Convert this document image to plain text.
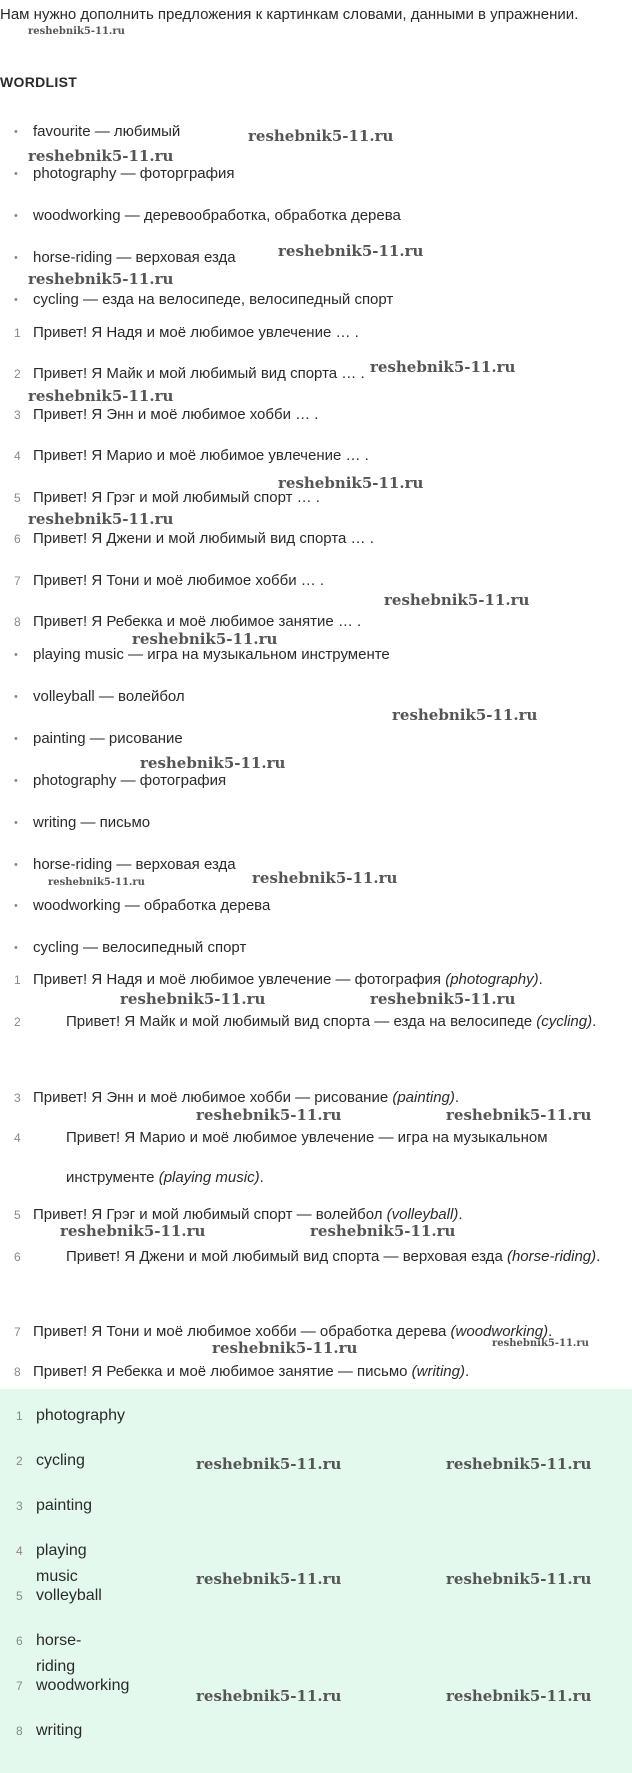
Нам нужно дополнить предложения к картинкам словами, данными в упражнении.
WORDLIST
• favourite — любимый
• photography — фоторграфия
• woodworking — деревообработка, обработка дерева
• horse-riding — верховая езда
• cycling — езда на велосипеде, велосипедный спорт
1 Привет! Я Надя и моё любимое увлечение … .
2 Привет! Я Майк и мой любимый вид спорта … .
3 Привет! Я Энн и моё любимое хобби … .
4 Привет! Я Марио и моё любимое увлечение … .
5 Привет! Я Грэг и мой любимый спорт … .
6 Привет! Я Джени и мой любимый вид спорта … .
7 Привет! Я Тони и моё любимое хобби … .
8 Привет! Я Ребекка и моё любимое занятие … .
• playing music — игра на музыкальном инструменте
• volleyball — волейбол
• painting — рисование
• photography — фотография
• writing — письмо
• horse-riding — верховая езда
• woodworking — обработка дерева
• cycling — велосипедный спорт
1 Привет! Я Надя и моё любимое увлечение — фотография (photography).
2	Привет! Я Майк и мой любимый вид спорта — езда на велосипеде (cycling).
3 Привет! Я Энн и моё любимое хобби — рисование (painting).
4	Привет! Я Марио и моё любимое увлечение — игра на музыкальном инструменте (playing music).
5 Привет! Я Грэг и мой любимый спорт — волейбол (volleyball).
6	Привет! Я Джени и мой любимый вид спорта — верховая езда (horse-riding).
7 Привет! Я Тони и моё любимое хобби — обработка дерева (woodworking).
8 Привет! Я Ребекка и моё любимое занятие — письмо (writing).
1 photography
2 cycling
3 painting
4 playing music
5 volleyball
6 horse-riding
7 woodworking
8 writing
reshebnik5-11.ru
reshebnik5-11.ru
reshebnik5-11.ru
reshebnik5-11.ru
reshebnik5-11.ru
reshebnik5-11.ru
reshebnik5-11.ru
reshebnik5-11.ru
reshebnik5-11.ru
reshebnik5-11.ru
reshebnik5-11.ru
reshebnik5-11.ru
reshebnik5-11.ru
reshebnik5-11.ru	reshebnik5-11.ru
reshebnik5-11.ru	reshebnik5-11.ru
reshebnik5-11.ru	reshebnik5-11.ru
reshebnik5-11.ru	reshebnik5-11.ru
reshebnik5-11.ru	reshebnik5-11.ru
reshebnik5-11.ru	reshebnik5-11.ru
reshebnik5-11.ru	reshebnik5-11.ru
reshebnik5-11.ru	reshebnik5-11.ru
